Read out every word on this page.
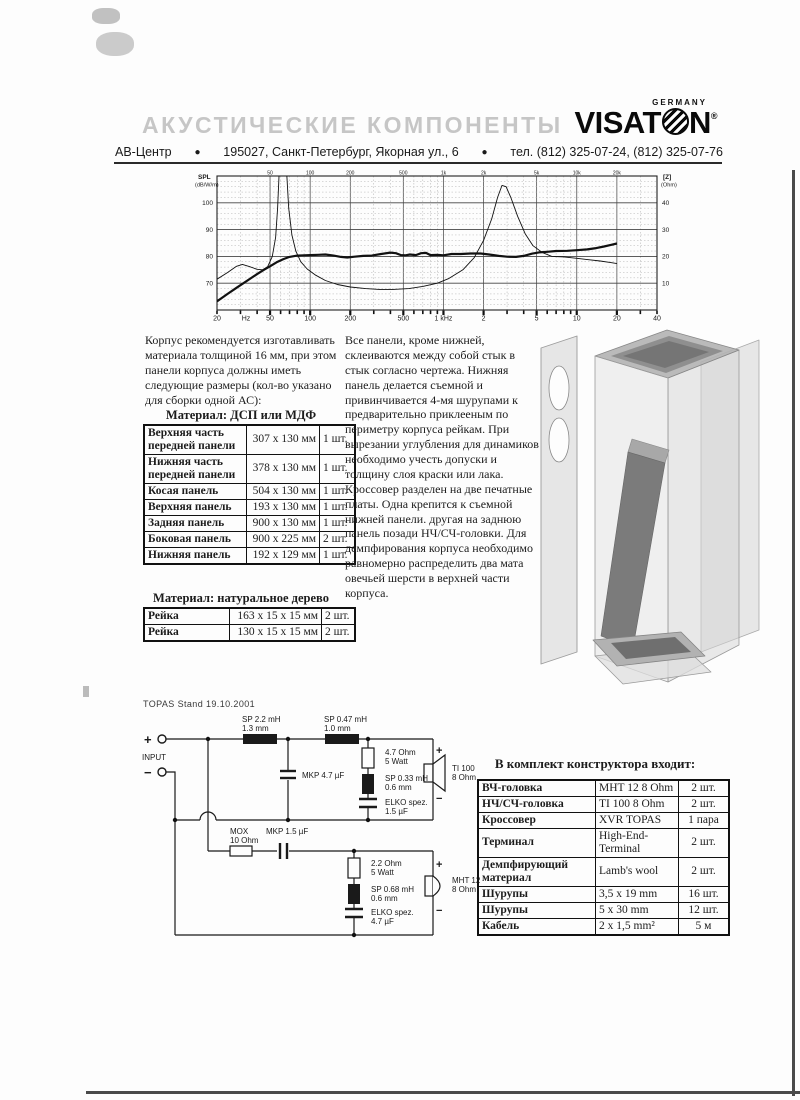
АКУСТИЧЕСКИЕ КОМПОНЕНТЫ
GERMANY
VISAT N®
АВ-Центр ● 195027, Санкт-Петербург, Якорная ул., 6 ● тел. (812) 325-07-24, (812) 325-07-76
SPL
(dB/W/m)
[Z]
(Ohm)
20	Hz 50	100	200	500	1 kHz	2	5	10	20	40
50	100	200	500	1k	2k	5k	10k	20k
100
90
80
70
40
30
20
10
Корпус рекомендуется изготавливать материала толщиной 16 мм, при этом панели корпуса должны иметь следующие размеры (кол-во указано для сборки одной АС):
Материал: ДСП или МДФ
Верхняя часть передней панели	307 x 130 мм	1 шт.
Нижняя часть передней панели	378 x 130 мм	1 шт.
Косая панель	504 x 130 мм	1 шт.
Верхняя панель	193 x 130 мм	1 шт.
Задняя панель	900 x 130 мм	1 шт.
Боковая панель	900 x 225 мм	2 шт.
Нижняя панель	192 x 129 мм	1 шт.
Материал: натуральное дерево
Рейка	163 x 15 x 15 мм	2 шт.
Рейка	130 x 15 x 15 мм	2 шт.
Все панели, кроме нижней, склеиваются между собой стык в стык согласно чертежа. Нижняя панель делается съемной и привинчивается 4-мя шурупами к предварительно приклееным по периметру корпуса рейкам. При вырезании углубления для динамиков необходимо учесть допуски и толщину слоя краски или лака. Кроссовер разделен на две печатные платы. Одна крепится к съемной нижней панели. другая на заднюю панель позади НЧ/СЧ-головки. Для демпфирования корпуса необходимо равномерно распределить два мата овечьей шерсти в верхней части корпуса.
TOPAS Stand 19.10.2001
+
−
INPUT
+
−
+
−
SP 2.2 mH
1.3 mm
SP 0.47 mH
1.0 mm
MKP 4.7 µF
4.7 Ohm
5 Watt
SP 0.33 mH
0.6 mm
ELKO spez.
1.5 µF
TI 100
8 Ohm
MOX
10 Ohm
MKP 1.5 µF
2.2 Ohm
5 Watt
SP 0.68 mH
0.6 mm
ELKO spez.
4.7 µF
MHT 12
8 Ohm
В комплект конструктора входит:
ВЧ-головка	MHT 12 8 Ohm	2 шт.
НЧ/СЧ-головка	TI 100 8 Ohm	2 шт.
Кроссовер	XVR TOPAS	1 пара
Терминал	High-End-Terminal	2 шт.
Демпфирующий материал	Lamb's wool	2 шт.
Шурупы	3,5 x 19 mm	16 шт.
Шурупы	5 x 30 mm	12 шт.
Кабель	2 x 1,5 mm²	5 м
